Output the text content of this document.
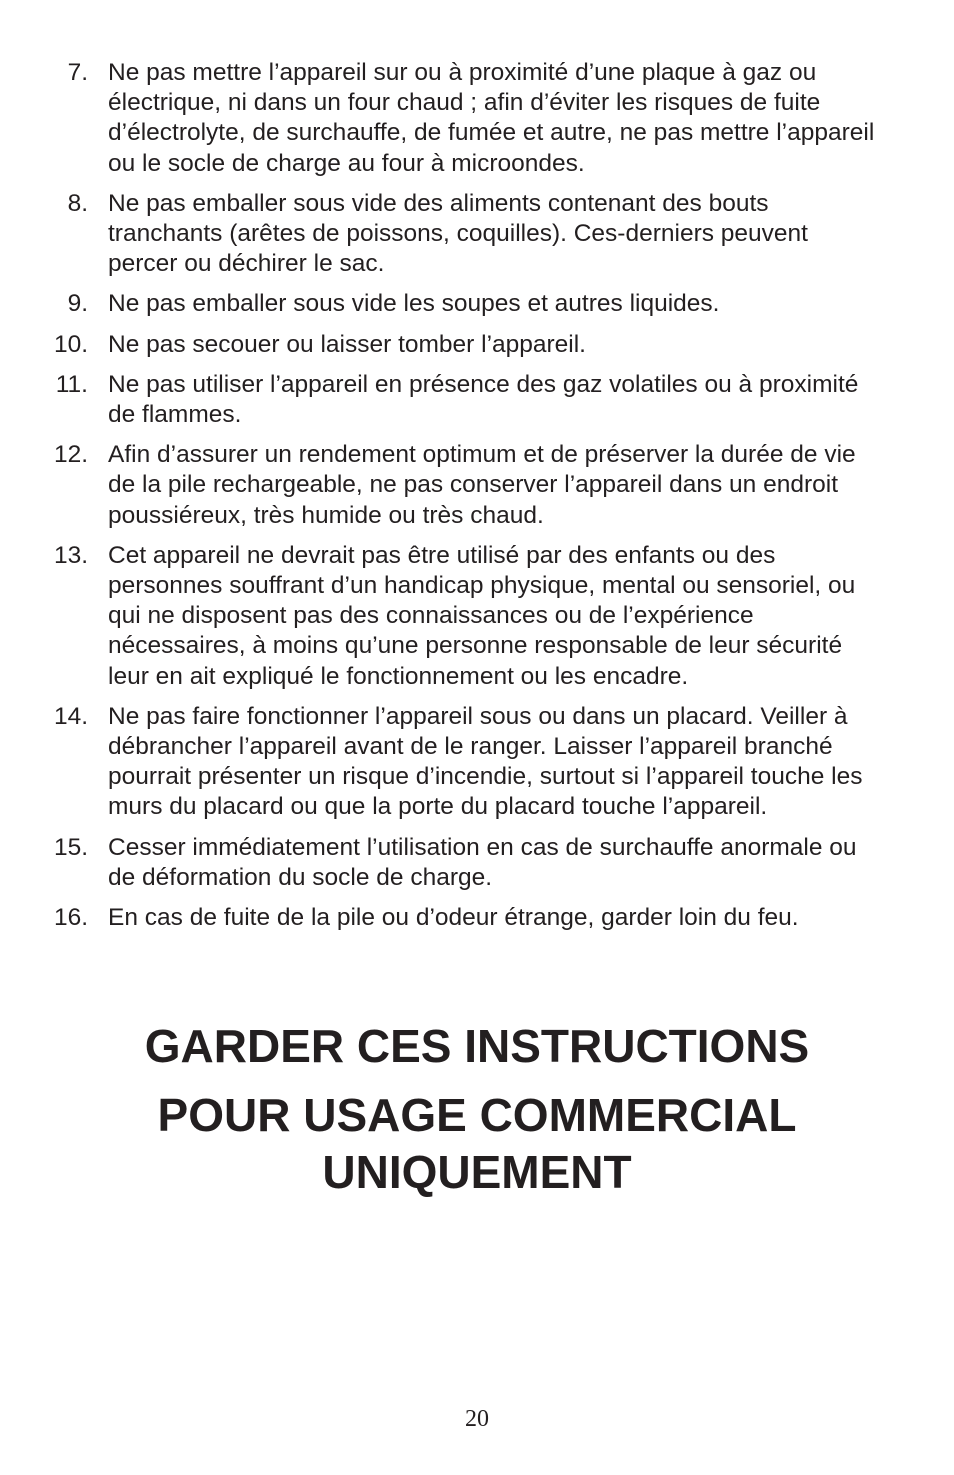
7. Ne pas mettre l’appareil sur ou à proximité d’une plaque à gaz ou électrique, ni dans un four chaud ; afin d’éviter les risques de fuite d’électrolyte, de surchauffe, de fumée et autre, ne pas mettre l’appareil ou le socle de charge au four à microondes.
8. Ne pas emballer sous vide des aliments contenant des bouts tranchants (arêtes de poissons, coquilles). Ces-derniers peuvent percer ou déchirer le sac.
9. Ne pas emballer sous vide les soupes et autres liquides.
10. Ne pas secouer ou laisser tomber l’appareil.
11. Ne pas utiliser l’appareil en présence des gaz volatiles ou à proximité de flammes.
12. Afin d’assurer un rendement optimum et de préserver la durée de vie de la pile rechargeable, ne pas conserver l’appareil dans un endroit poussiéreux, très humide ou très chaud.
13. Cet appareil ne devrait pas être utilisé par des enfants ou des personnes souffrant d’un handicap physique, mental ou sensoriel, ou qui ne disposent pas des connaissances ou de l’expérience nécessaires, à moins qu’une personne responsable de leur sécurité leur en ait expliqué le fonctionnement ou les encadre.
14. Ne pas faire fonctionner l’appareil sous ou dans un placard. Veiller à débrancher l’appareil avant de le ranger. Laisser l’appareil branché pourrait présenter un risque d’incendie, surtout si l’appareil touche les murs du placard ou que la porte du placard touche l’appareil.
15. Cesser immédiatement l’utilisation en cas de surchauffe anormale ou de déformation du socle de charge.
16. En cas de fuite de la pile ou d’odeur étrange, garder loin du feu.
GARDER CES INSTRUCTIONS
POUR USAGE COMMERCIAL UNIQUEMENT
20
